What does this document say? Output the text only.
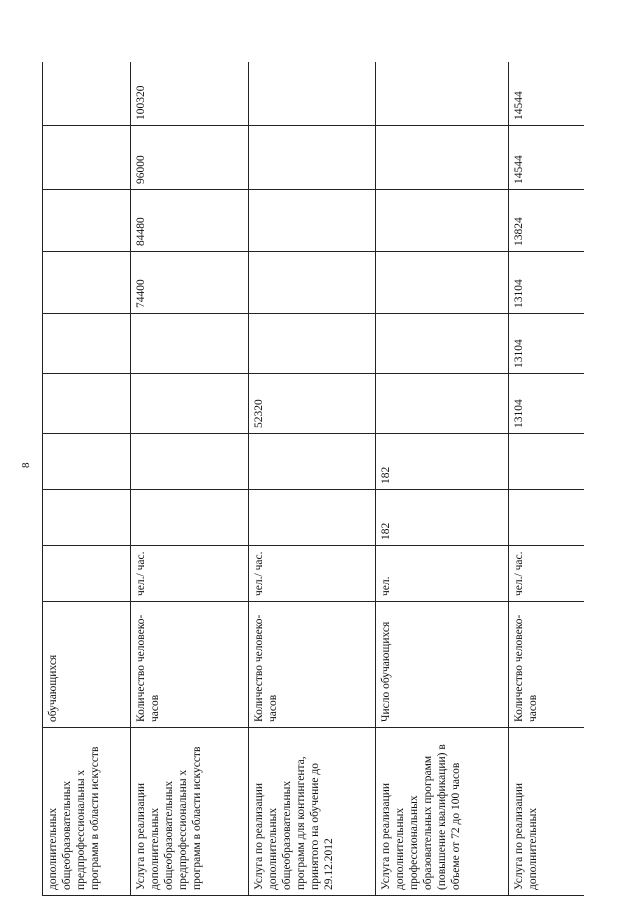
8
дополнительных общеобразовательных предпрофессиональны х программ в области искусств	обучающихся										
Услуга по реализации дополнительных общеобразовательных предпрофессиональны х программ в области искусств	Количество человеко-часов	чел./ час.					74400	84480	96000	100320	
Услуга по реализации дополнительных общеобразовательных программ для контингента, принятого на обучение до 29.12.2012	Количество человеко-часов	чел./ час.			52320						
Услуга по реализации дополнительных профессиональных образовательных программ (повышение квалификации) в объеме от 72 до 100 часов	Число обучающихся	чел.	182	182							
Услуга по реализации дополнительных	Количество человеко-часов	чел./ час.			13104	13104	13104	13824	14544	14544	
